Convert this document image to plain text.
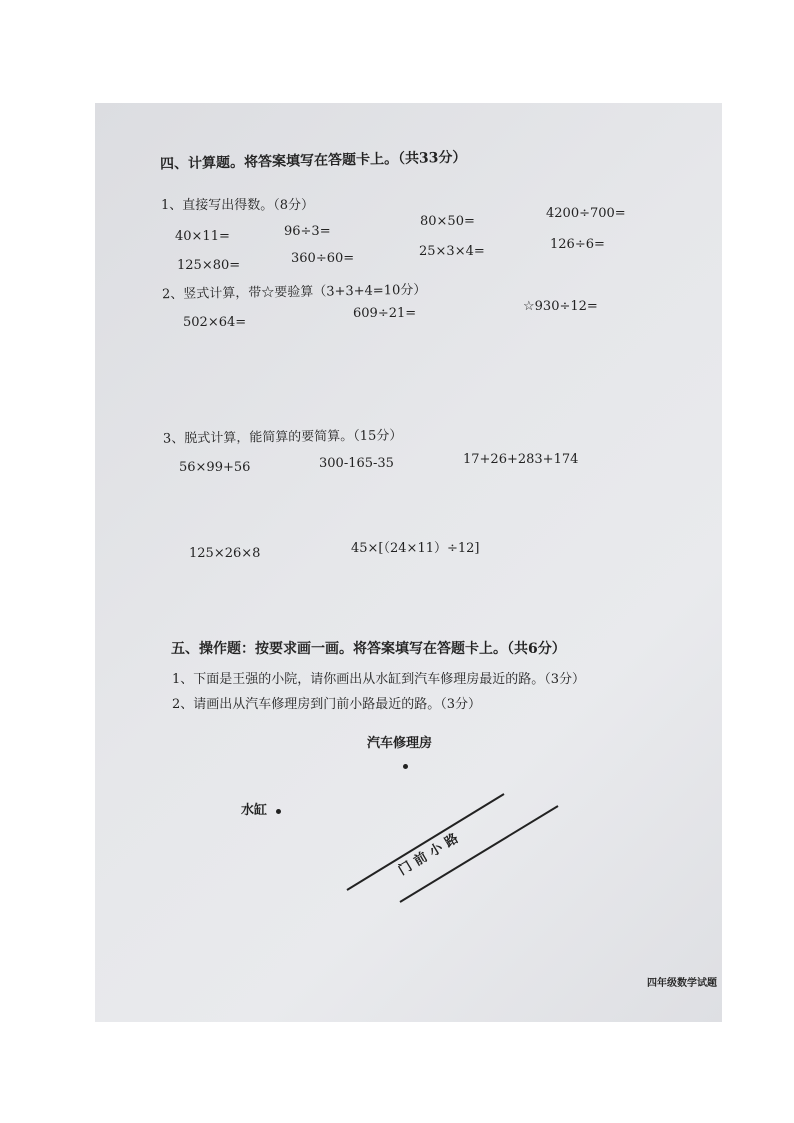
四、计算题。将答案填写在答题卡上。（共33分）
1、直接写出得数。（8分）
40×11=	96÷3=
80×50=
4200÷700=
125×80=	360÷60=	25×3×4=	126÷6=
2、竖式计算，带☆要验算（3+3+4=10分）
502×64=
609÷21=	☆930÷12=
3、脱式计算，能简算的要简算。（15分）
56×99+56	300-165-35	17+26+283+174
125×26×8	45×[（24×11）÷12]
五、操作题：按要求画一画。将答案填写在答题卡上。（共6分）
1、下面是王强的小院，请你画出从水缸到汽车修理房最近的路。（3分）
2、请画出从汽车修理房到门前小路最近的路。（3分）
汽车修理房
水缸
门前小路
四年级数学试题
